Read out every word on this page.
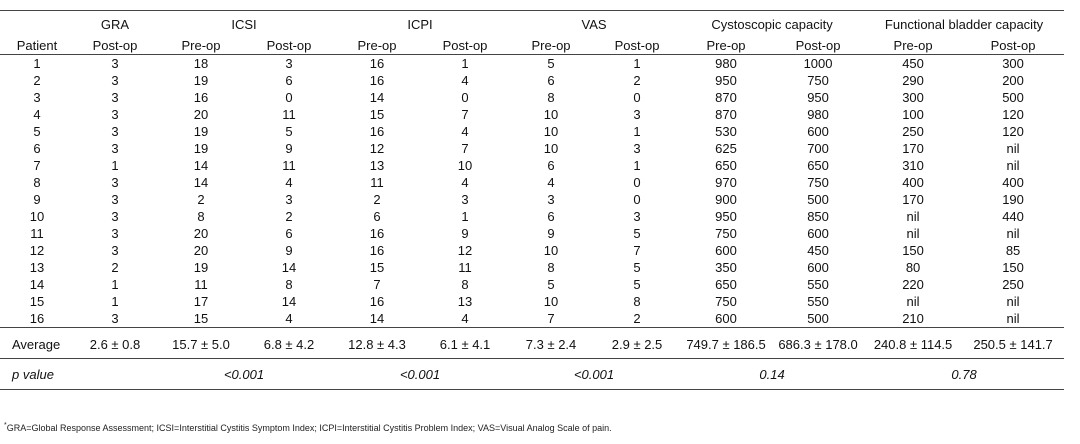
	GRA	ICSI		ICPI		VAS		Cystoscopic capacity		Functional bladder capacity	
Patient	Post-op	Pre-op	Post-op	Pre-op	Post-op	Pre-op	Post-op	Pre-op	Post-op	Pre-op	Post-op
1	3	18	3	16	1	5	1	980	1000	450	300
2	3	19	6	16	4	6	2	950	750	290	200
3	3	16	0	14	0	8	0	870	950	300	500
4	3	20	11	15	7	10	3	870	980	100	120
5	3	19	5	16	4	10	1	530	600	250	120
6	3	19	9	12	7	10	3	625	700	170	nil
7	1	14	11	13	10	6	1	650	650	310	nil
8	3	14	4	11	4	4	0	970	750	400	400
9	3	2	3	2	3	3	0	900	500	170	190
10	3	8	2	6	1	6	3	950	850	nil	440
11	3	20	6	16	9	9	5	750	600	nil	nil
12	3	20	9	16	12	10	7	600	450	150	85
13	2	19	14	15	11	8	5	350	600	80	150
14	1	11	8	7	8	5	5	650	550	220	250
15	1	17	14	16	13	10	8	750	550	nil	nil
16	3	15	4	14	4	7	2	600	500	210	nil
Average	2.6 ± 0.8	15.7 ± 5.0	6.8 ± 4.2	12.8 ± 4.3	6.1 ± 4.1	7.3 ± 2.4	2.9 ± 2.5	749.7 ± 186.5	686.3 ± 178.0	240.8 ± 114.5	250.5 ± 141.7
p value		<0.001		<0.001		<0.001		0.14		0.78	
*GRA=Global Response Assessment; ICSI=Interstitial Cystitis Symptom Index; ICPI=Interstitial Cystitis Problem Index; VAS=Visual Analog Scale of pain.
